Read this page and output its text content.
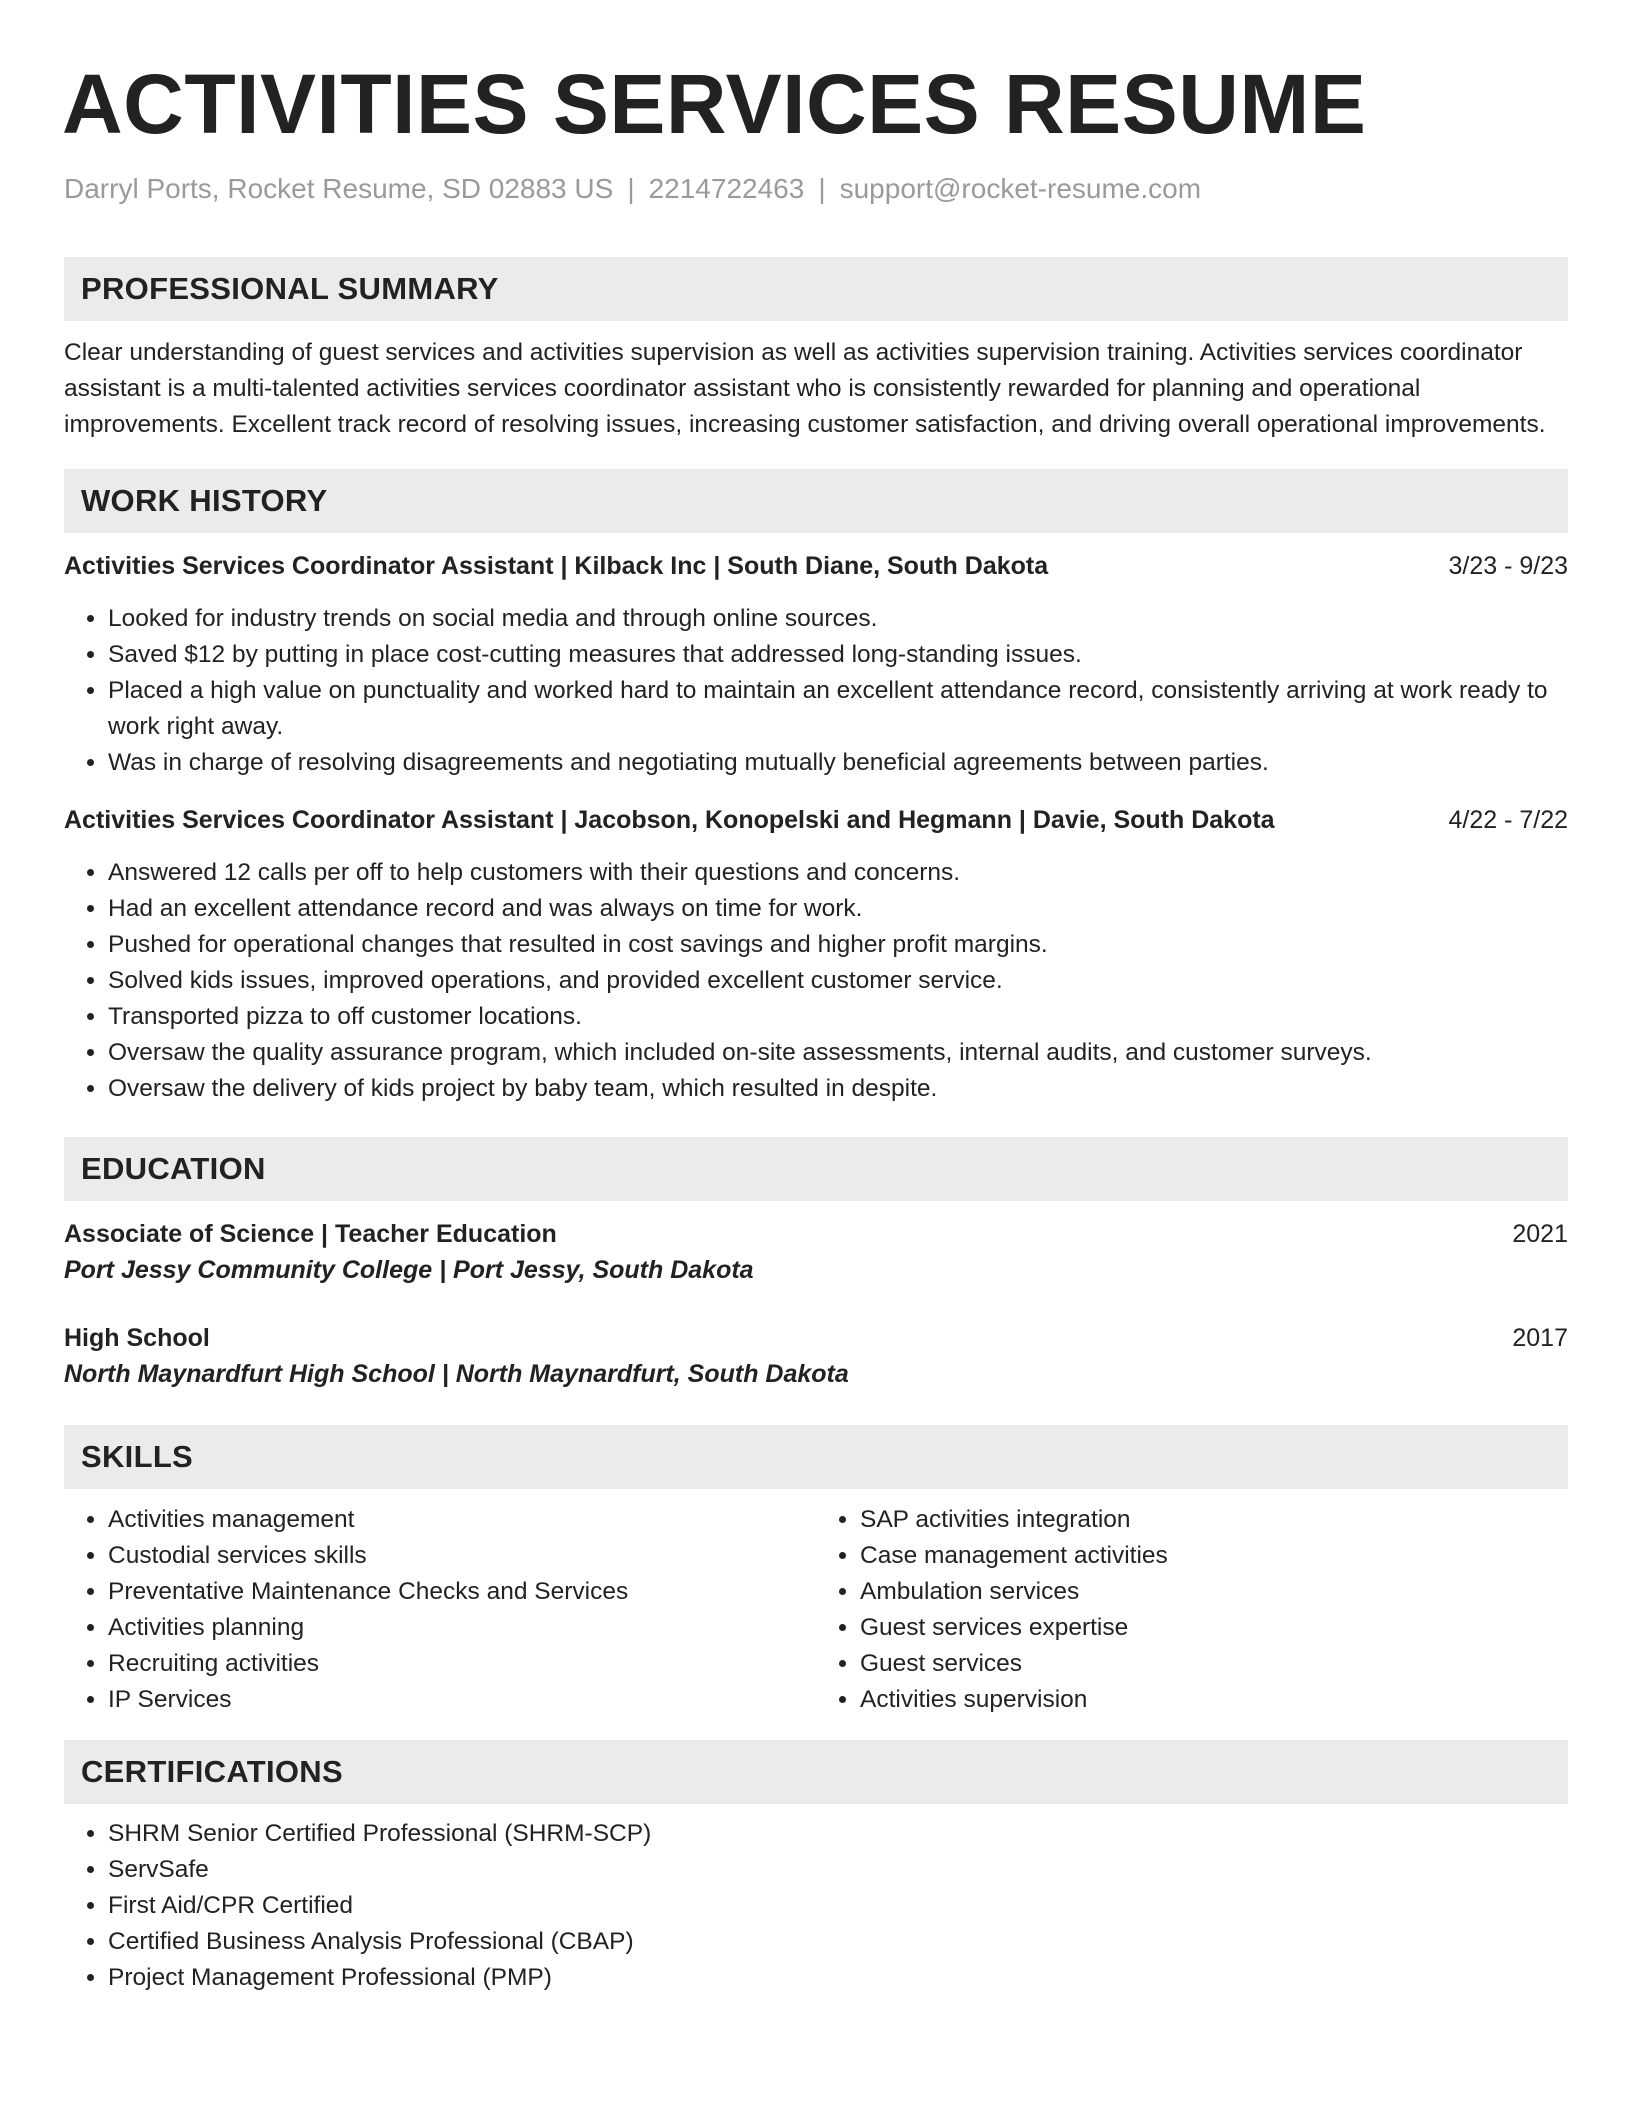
ACTIVITIES SERVICES RESUME
Darryl Ports, Rocket Resume, SD 02883 US | 2214722463 | support@rocket-resume.com
PROFESSIONAL SUMMARY
Clear understanding of guest services and activities supervision as well as activities supervision training. Activities services coordinator assistant is a multi-talented activities services coordinator assistant who is consistently rewarded for planning and operational improvements. Excellent track record of resolving issues, increasing customer satisfaction, and driving overall operational improvements.
WORK HISTORY
Activities Services Coordinator Assistant | Kilback Inc | South Diane, South Dakota	3/23 - 9/23
• Looked for industry trends on social media and through online sources.
• Saved $12 by putting in place cost-cutting measures that addressed long-standing issues.
• Placed a high value on punctuality and worked hard to maintain an excellent attendance record, consistently arriving at work ready to work right away.
• Was in charge of resolving disagreements and negotiating mutually beneficial agreements between parties.
Activities Services Coordinator Assistant | Jacobson, Konopelski and Hegmann | Davie, South Dakota	4/22 - 7/22
• Answered 12 calls per off to help customers with their questions and concerns.
• Had an excellent attendance record and was always on time for work.
• Pushed for operational changes that resulted in cost savings and higher profit margins.
• Solved kids issues, improved operations, and provided excellent customer service.
• Transported pizza to off customer locations.
• Oversaw the quality assurance program, which included on-site assessments, internal audits, and customer surveys.
• Oversaw the delivery of kids project by baby team, which resulted in despite.
EDUCATION
Associate of Science | Teacher Education	2021
Port Jessy Community College | Port Jessy, South Dakota
High School	2017
North Maynardfurt High School | North Maynardfurt, South Dakota
SKILLS
• Activities management
• Custodial services skills
• Preventative Maintenance Checks and Services
• Activities planning
• Recruiting activities
• IP Services
• SAP activities integration
• Case management activities
• Ambulation services
• Guest services expertise
• Guest services
• Activities supervision
CERTIFICATIONS
• SHRM Senior Certified Professional (SHRM-SCP)
• ServSafe
• First Aid/CPR Certified
• Certified Business Analysis Professional (CBAP)
• Project Management Professional (PMP)
